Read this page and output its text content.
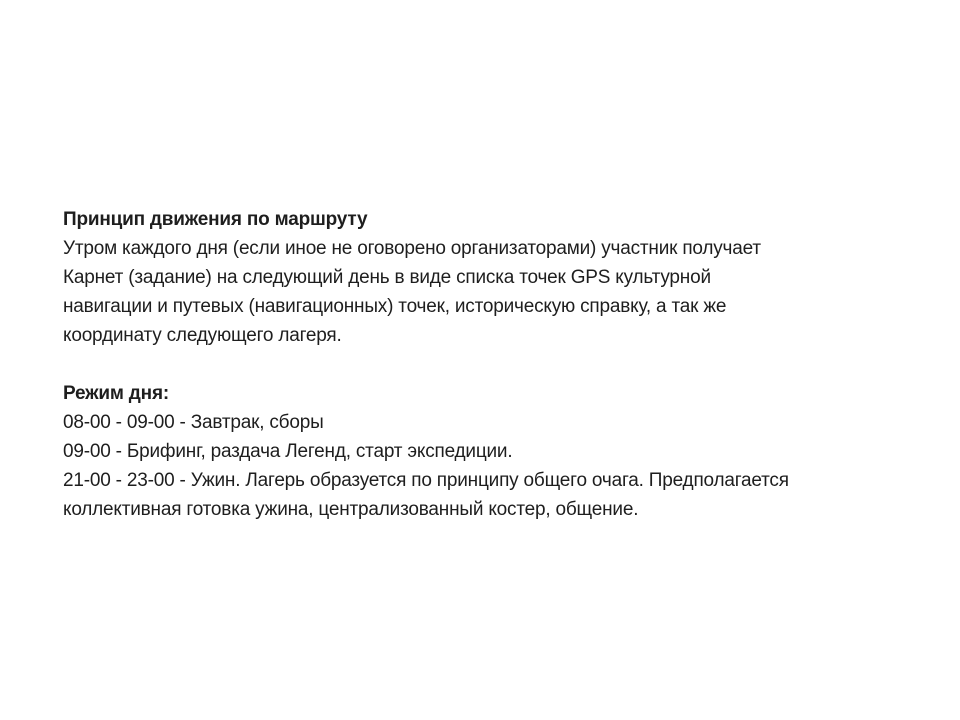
Принцип движения по маршруту
Утром каждого дня (если иное не оговорено организаторами) участник получает
Карнет (задание) на следующий день в виде списка точек GPS культурной
навигации и путевых (навигационных) точек, историческую справку, а так же
координату следующего лагеря.
Режим дня:
08-00 - 09-00 - Завтрак, сборы
09-00 - Брифинг, раздача Легенд, старт экспедиции.
21-00 - 23-00 - Ужин. Лагерь образуется по принципу общего очага. Предполагается
коллективная готовка ужина, централизованный костер, общение.
